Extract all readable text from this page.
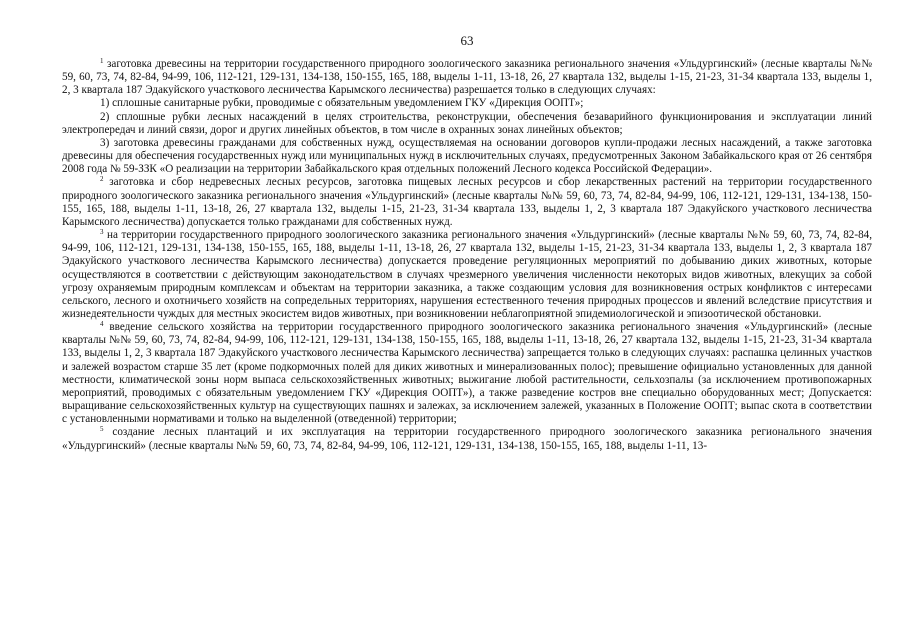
63

$^1$ заготовка древесины на территории государственного природного зоологического заказника регионального значения «Ульдургинский» (лесные кварталы №№ 59, 60, 73, 74, 82-84, 94-99, 106, 112-121, 129-131, 134-138, 150-155, 165, 188, выделы 1-11, 13-18, 26, 27 квартала 132, выделы 1-15, 21-23, 31-34 квартала 133, выделы 1, 2, 3 квартала 187 Эдакуйского участкового лесничества Карымского лесничества) разрешается только в следующих случаях:

1) сплошные санитарные рубки, проводимые с обязательным уведомлением ГКУ «Дирекция ООПТ»;

2) сплошные рубки лесных насаждений в целях строительства, реконструкции, обеспечения безаварийного функционирования и эксплуатации линий электропередач и линий связи, дорог и других линейных объектов, в том числе в охранных зонах линейных объектов;

3) заготовка древесины гражданами для собственных нужд, осуществляемая на основании договоров купли-продажи лесных насаждений, а также заготовка древесины для обеспечения государственных нужд или муниципальных нужд в исключительных случаях, предусмотренных Законом Забайкальского края от 26 сентября 2008 года № 59-ЗЗК «О реализации на территории Забайкальского края отдельных положений Лесного кодекса Российской Федерации».

$^2$ заготовка и сбор недревесных лесных ресурсов, заготовка пищевых лесных ресурсов и сбор лекарственных растений на территории государственного природного зоологического заказника регионального значения «Ульдургинский» (лесные кварталы №№ 59, 60, 73, 74, 82-84, 94-99, 106, 112-121, 129-131, 134-138, 150-155, 165, 188, выделы 1-11, 13-18, 26, 27 квартала 132, выделы 1-15, 21-23, 31-34 квартала 133, выделы 1, 2, 3 квартала 187 Эдакуйского участкового лесничества Карымского лесничества) допускается только гражданами для собственных нужд.

$^3$ на территории государственного природного зоологического заказника регионального значения «Ульдургинский» (лесные кварталы №№ 59, 60, 73, 74, 82-84, 94-99, 106, 112-121, 129-131, 134-138, 150-155, 165, 188, выделы 1-11, 13-18, 26, 27 квартала 132, выделы 1-15, 21-23, 31-34 квартала 133, выделы 1, 2, 3 квартала 187 Эдакуйского участкового лесничества Карымского лесничества) допускается проведение регуляционных мероприятий по добыванию диких животных, которые осуществляются в соответствии с действующим законодательством в случаях чрезмерного увеличения численности некоторых видов животных, влекущих за собой угрозу охраняемым природным комплексам и объектам на территории заказника, а также создающим условия для возникновения острых конфликтов с интересами сельского, лесного и охотничьего хозяйств на сопредельных территориях, нарушения естественного течения природных процессов и явлений вследствие присутствия и жизнедеятельности чуждых для местных экосистем видов животных, при возникновении неблагоприятной эпидемиологической и эпизоотической обстановки.

$^4$ введение сельского хозяйства на территории государственного природного зоологического заказника регионального значения «Ульдургинский» (лесные кварталы №№ 59, 60, 73, 74, 82-84, 94-99, 106, 112-121, 129-131, 134-138, 150-155, 165, 188, выделы 1-11, 13-18, 26, 27 квартала 132, выделы 1-15, 21-23, 31-34 квартала 133, выделы 1, 2, 3 квартала 187 Эдакуйского участкового лесничества Карымского лесничества) запрещается только в следующих случаях: распашка целинных участков и залежей возрастом старше 35 лет (кроме подкормочных полей для диких животных и минерализованных полос); превышение официально установленных для данной местности, климатической зоны норм выпаса сельскохозяйственных животных; выжигание любой растительности, сельхозпалы (за исключением противопожарных мероприятий, проводимых с обязательным уведомлением ГКУ «Дирекция ООПТ»), а также разведение костров вне специально оборудованных мест; Допускается: выращивание сельскохозяйственных культур на существующих пашнях и залежах, за исключением залежей, указанных в Положение ООПТ; выпас скота в соответствии с установленными нормативами и только на выделенной (отведенной) территории;

$^5$ создание лесных плантаций и их эксплуатация на территории государственного природного зоологического заказника регионального значения «Ульдургинский» (лесные кварталы №№ 59, 60, 73, 74, 82-84, 94-99, 106, 112-121, 129-131, 134-138, 150-155, 165, 188, выделы 1-11, 13-
